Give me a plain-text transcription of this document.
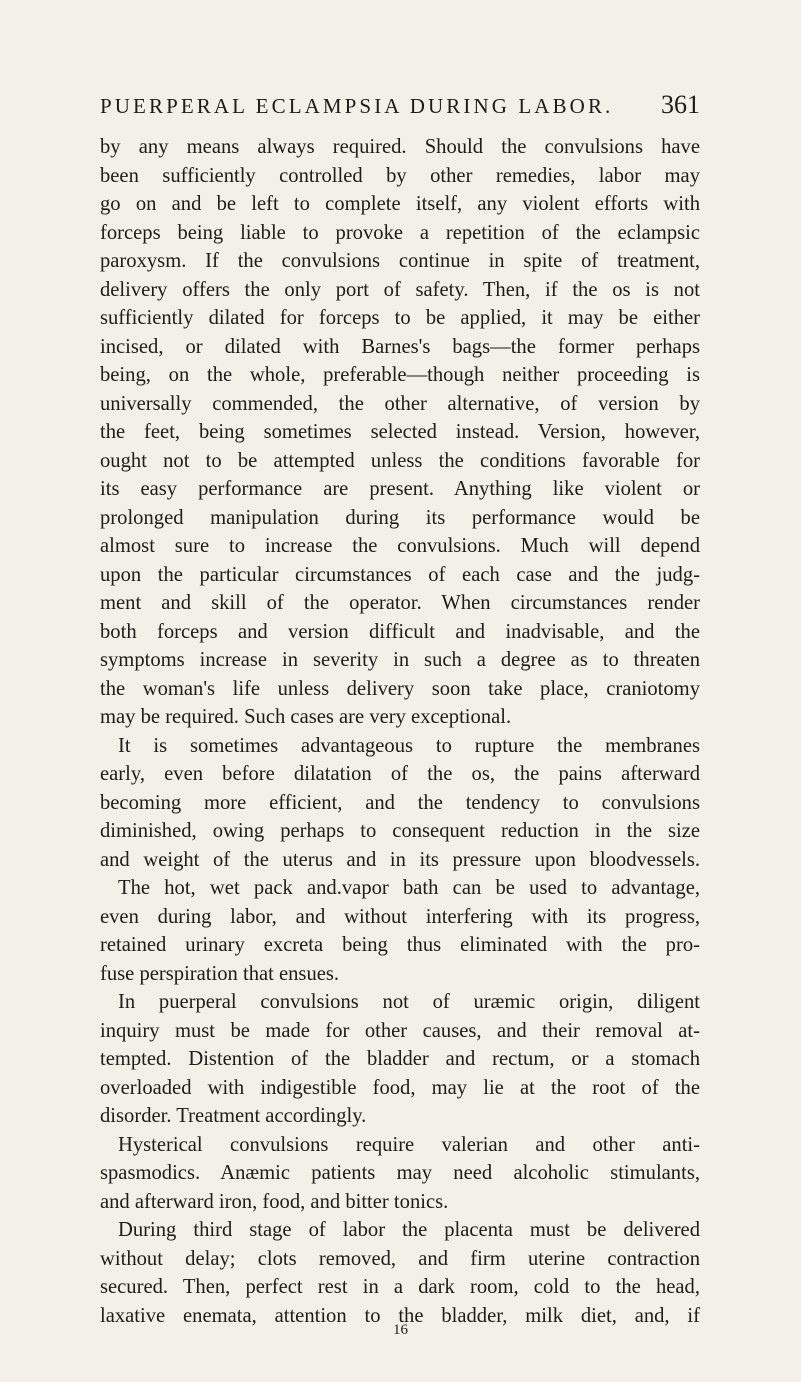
PUERPERAL ECLAMPSIA DURING LABOR. 361
by any means always required. Should the convulsions have
been sufficiently controlled by other remedies, labor may
go on and be left to complete itself, any violent efforts with
forceps being liable to provoke a repetition of the eclampsic
paroxysm. If the convulsions continue in spite of treatment,
delivery offers the only port of safety. Then, if the os is not
sufficiently dilated for forceps to be applied, it may be either
incised, or dilated with Barnes's bags—the former perhaps
being, on the whole, preferable—though neither proceeding is
universally commended, the other alternative, of version by
the feet, being sometimes selected instead. Version, however,
ought not to be attempted unless the conditions favorable for
its easy performance are present. Anything like violent or
prolonged manipulation during its performance would be
almost sure to increase the convulsions. Much will depend
upon the particular circumstances of each case and the judg-
ment and skill of the operator. When circumstances render
both forceps and version difficult and inadvisable, and the
symptoms increase in severity in such a degree as to threaten
the woman's life unless delivery soon take place, craniotomy
may be required. Such cases are very exceptional.
It is sometimes advantageous to rupture the membranes
early, even before dilatation of the os, the pains afterward
becoming more efficient, and the tendency to convulsions
diminished, owing perhaps to consequent reduction in the size
and weight of the uterus and in its pressure upon bloodvessels.
The hot, wet pack and.vapor bath can be used to advantage,
even during labor, and without interfering with its progress,
retained urinary excreta being thus eliminated with the pro-
fuse perspiration that ensues.
In puerperal convulsions not of uræmic origin, diligent
inquiry must be made for other causes, and their removal at-
tempted. Distention of the bladder and rectum, or a stomach
overloaded with indigestible food, may lie at the root of the
disorder. Treatment accordingly.
Hysterical convulsions require valerian and other anti-
spasmodics. Anæmic patients may need alcoholic stimulants,
and afterward iron, food, and bitter tonics.
During third stage of labor the placenta must be delivered
without delay; clots removed, and firm uterine contraction
secured. Then, perfect rest in a dark room, cold to the head,
laxative enemata, attention to the bladder, milk diet, and, if
16
